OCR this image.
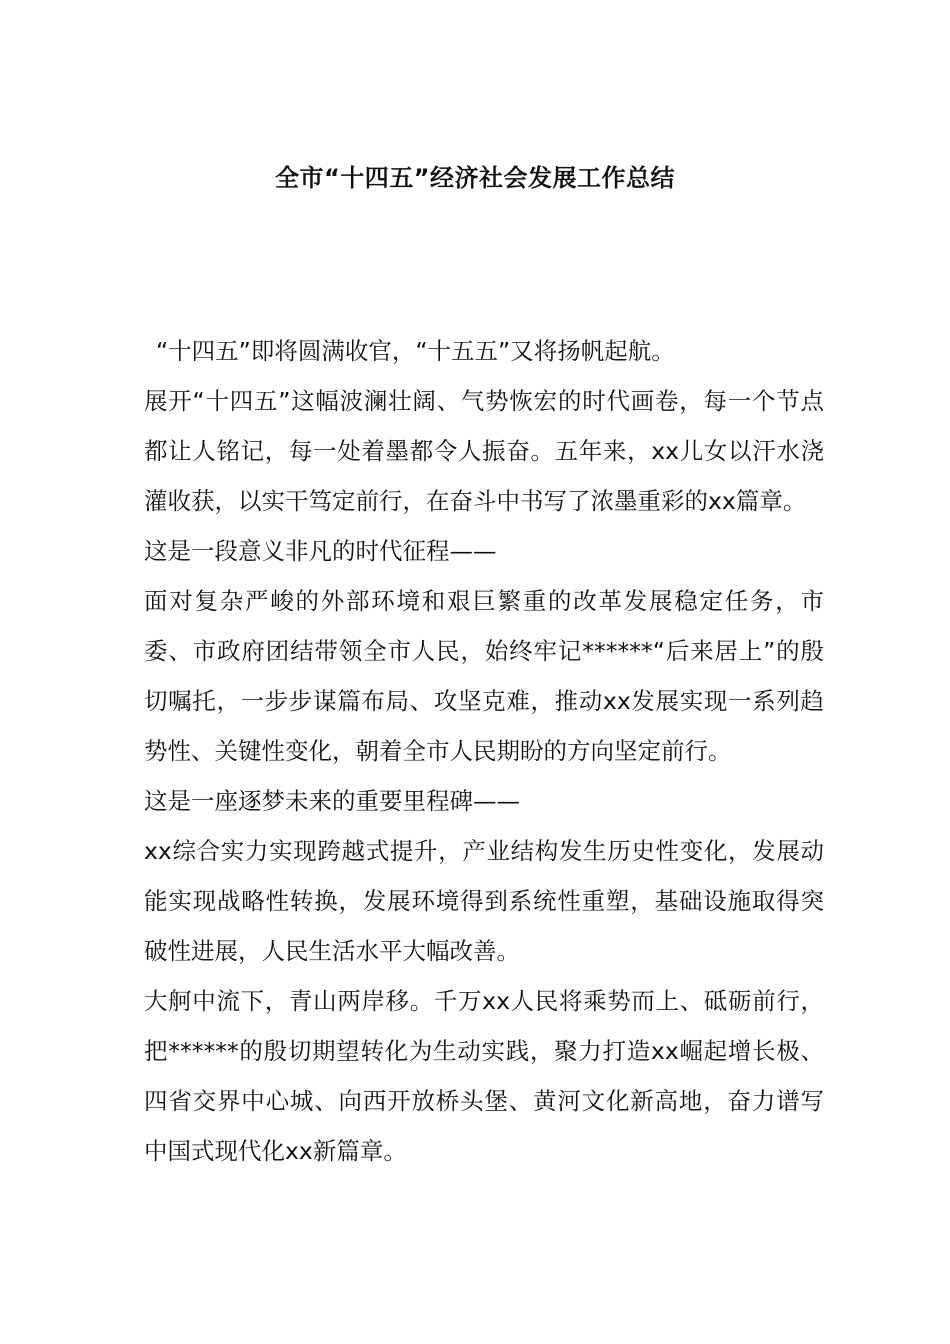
全市“十四五”经济社会发展工作总结

“十四五”即将圆满收官，“十五五”又将扬帆起航。

展开“十四五”这幅波澜壮阔、气势恢宏的时代画卷，每一个节点都让人铭记，每一处着墨都令人振奋。五年来，xx儿女以汗水浇灌收获，以实干笃定前行，在奋斗中书写了浓墨重彩的xx篇章。

这是一段意义非凡的时代征程——

面对复杂严峻的外部环境和艰巨繁重的改革发展稳定任务，市委、市政府团结带领全市人民，始终牢记******“后来居上”的殷切嘱托，一步步谋篇布局、攻坚克难，推动xx发展实现一系列趋势性、关键性变化，朝着全市人民期盼的方向坚定前行。

这是一座逐梦未来的重要里程碑——

xx综合实力实现跨越式提升，产业结构发生历史性变化，发展动能实现战略性转换，发展环境得到系统性重塑，基础设施取得突破性进展，人民生活水平大幅改善。

大舸中流下，青山两岸移。千万xx人民将乘势而上、砥砺前行，把******的殷切期望转化为生动实践，聚力打造xx崛起增长极、四省交界中心城、向西开放桥头堡、黄河文化新高地，奋力谱写中国式现代化xx新篇章。
